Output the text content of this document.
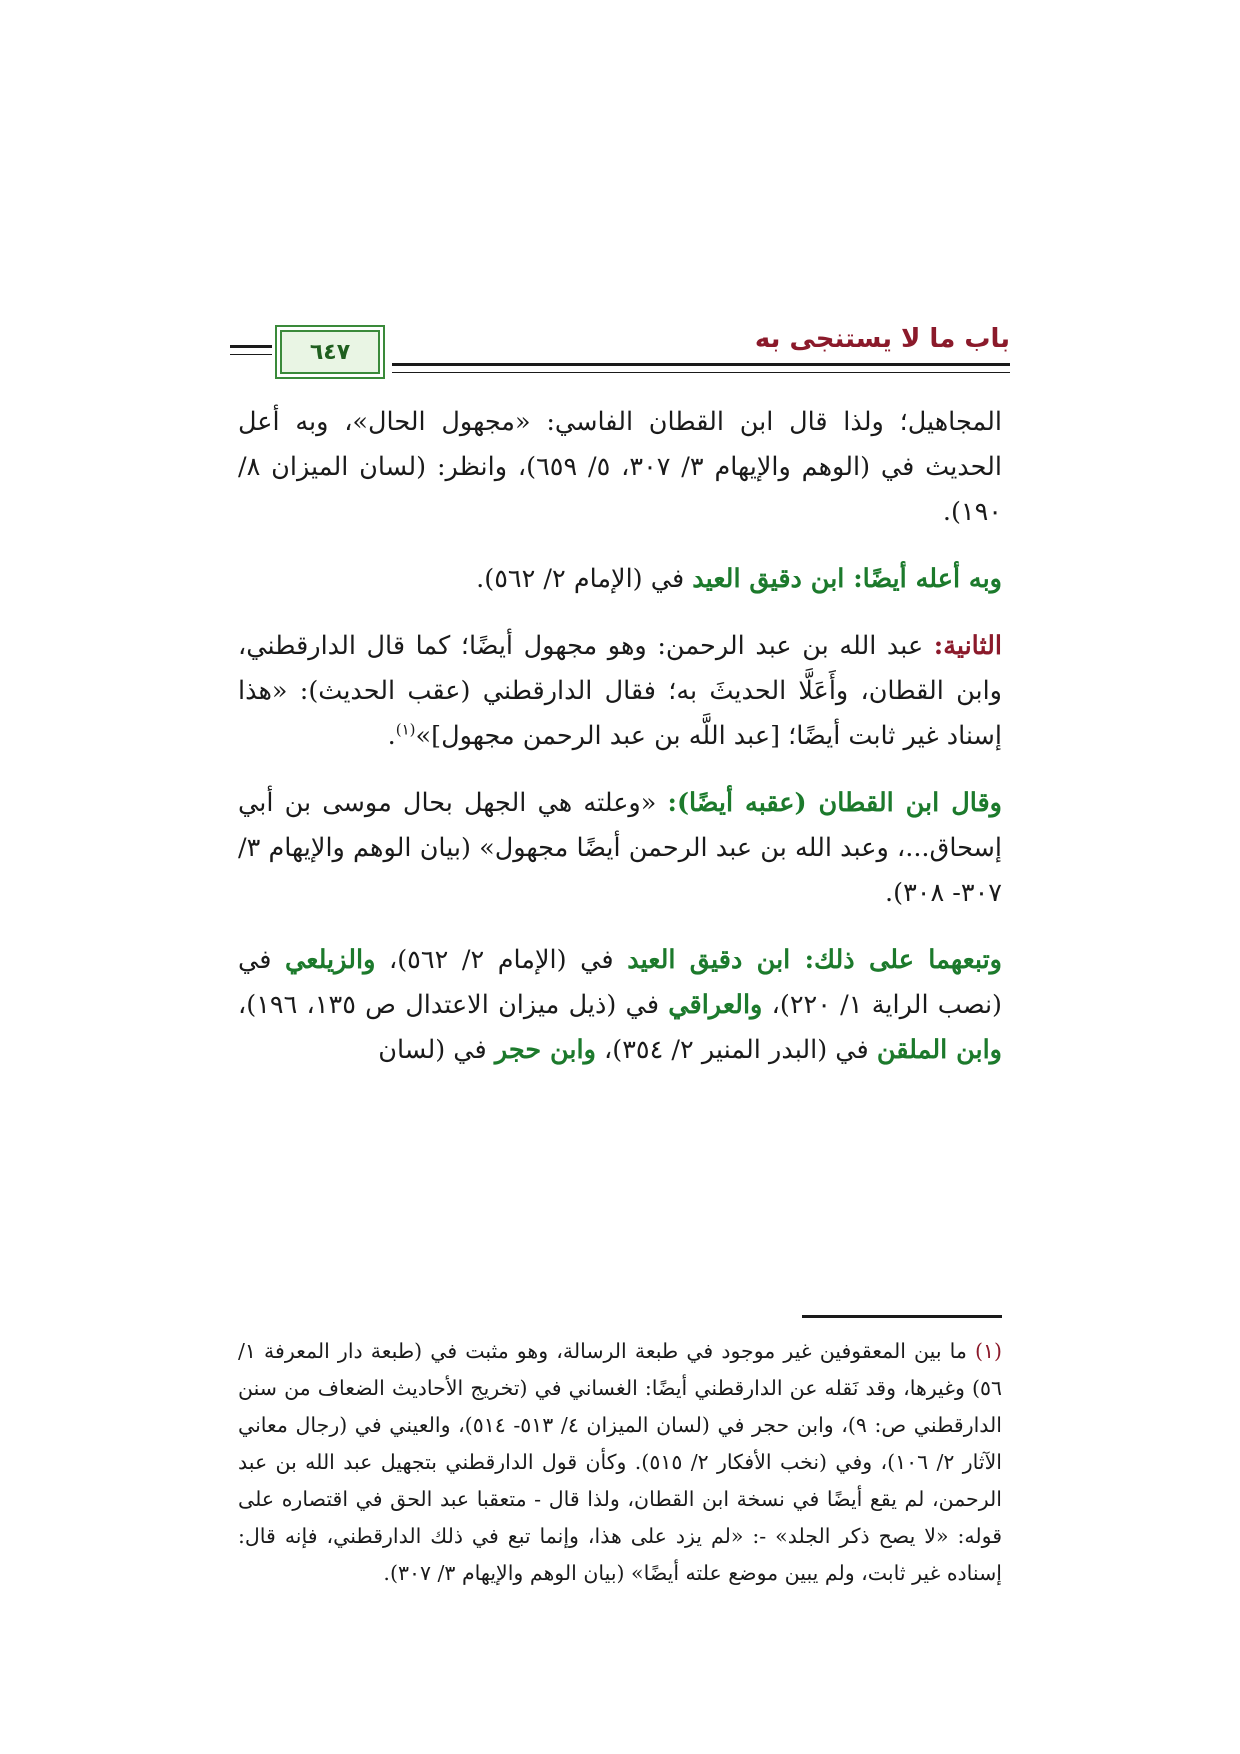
باب ما لا يستنجى به
٦٤٧

المجاهيل؛ ولذا قال ابن القطان الفاسي: «مجهول الحال»، وبه أعل الحديث في (الوهم والإيهام ٣/ ٣٠٧، ٥/ ٦٥٩)، وانظر: (لسان الميزان ٨/ ١٩٠).

وبه أعله أيضًا: ابن دقيق العيد في (الإمام ٢/ ٥٦٢).

الثانية: عبد الله بن عبد الرحمن: وهو مجهول أيضًا؛ كما قال الدارقطني، وابن القطان، وأَعَلَّا الحديثَ به؛ فقال الدارقطني (عقب الحديث): «هذا إسناد غير ثابت أيضًا؛ [عبد اللَّه بن عبد الرحمن مجهول]»$^{(١)}$.

وقال ابن القطان (عقبه أيضًا): «وعلته هي الجهل بحال موسى بن أبي إسحاق...، وعبد الله بن عبد الرحمن أيضًا مجهول» (بيان الوهم والإيهام ٣/ ٣٠٧- ٣٠٨).

وتبعهما على ذلك: ابن دقيق العيد في (الإمام ٢/ ٥٦٢)، والزيلعي في (نصب الراية ١/ ٢٢٠)، والعراقي في (ذيل ميزان الاعتدال ص ١٣٥، ١٩٦)، وابن الملقن في (البدر المنير ٢/ ٣٥٤)، وابن حجر في (لسان

(١) ما بين المعقوفين غير موجود في طبعة الرسالة، وهو مثبت في (طبعة دار المعرفة ١/ ٥٦) وغيرها، وقد نَقله عن الدارقطني أيضًا: الغساني في (تخريج الأحاديث الضعاف من سنن الدارقطني ص: ٩)، وابن حجر في (لسان الميزان ٤/ ٥١٣- ٥١٤)، والعيني في (رجال معاني الآثار ٢/ ١٠٦)، وفي (نخب الأفكار ٢/ ٥١٥). وكأن قول الدارقطني بتجهيل عبد الله بن عبد الرحمن، لم يقع أيضًا في نسخة ابن القطان، ولذا قال - متعقبا عبد الحق في اقتصاره على قوله: «لا يصح ذكر الجلد» -: «لم يزد على هذا، وإنما تبع في ذلك الدارقطني، فإنه قال: إسناده غير ثابت، ولم يبين موضع علته أيضًا» (بيان الوهم والإيهام ٣/ ٣٠٧).
